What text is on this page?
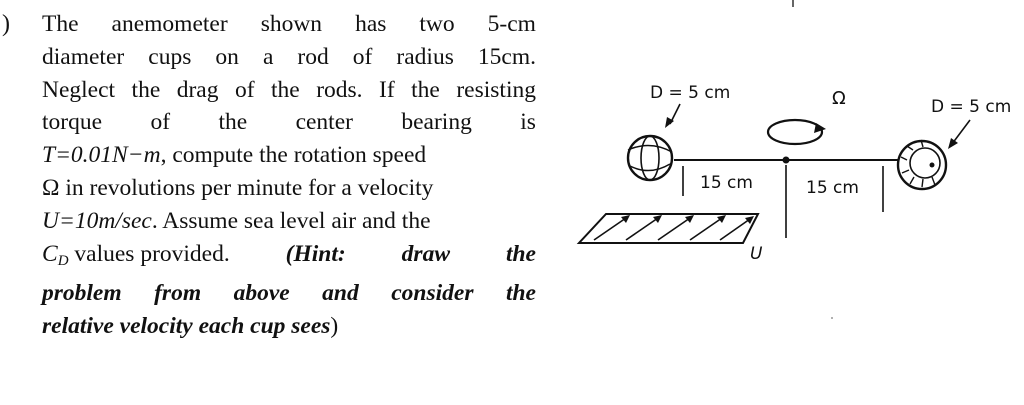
) The anemometer shown has two 5-cm
diameter cups on a rod of radius 15cm.
Neglect the drag of the rods. If the resisting
torque of the center bearing is
T=0.01N−m, compute the rotation speed
Ω in revolutions per minute for a velocity
U=10m/sec. Assume sea level air and the
$C_D$ values provided. (Hint: draw the
problem from above and consider the
relative velocity each cup sees)
D = 5 cm
D = 5 cm
Ω
15 cm	15 cm
U
